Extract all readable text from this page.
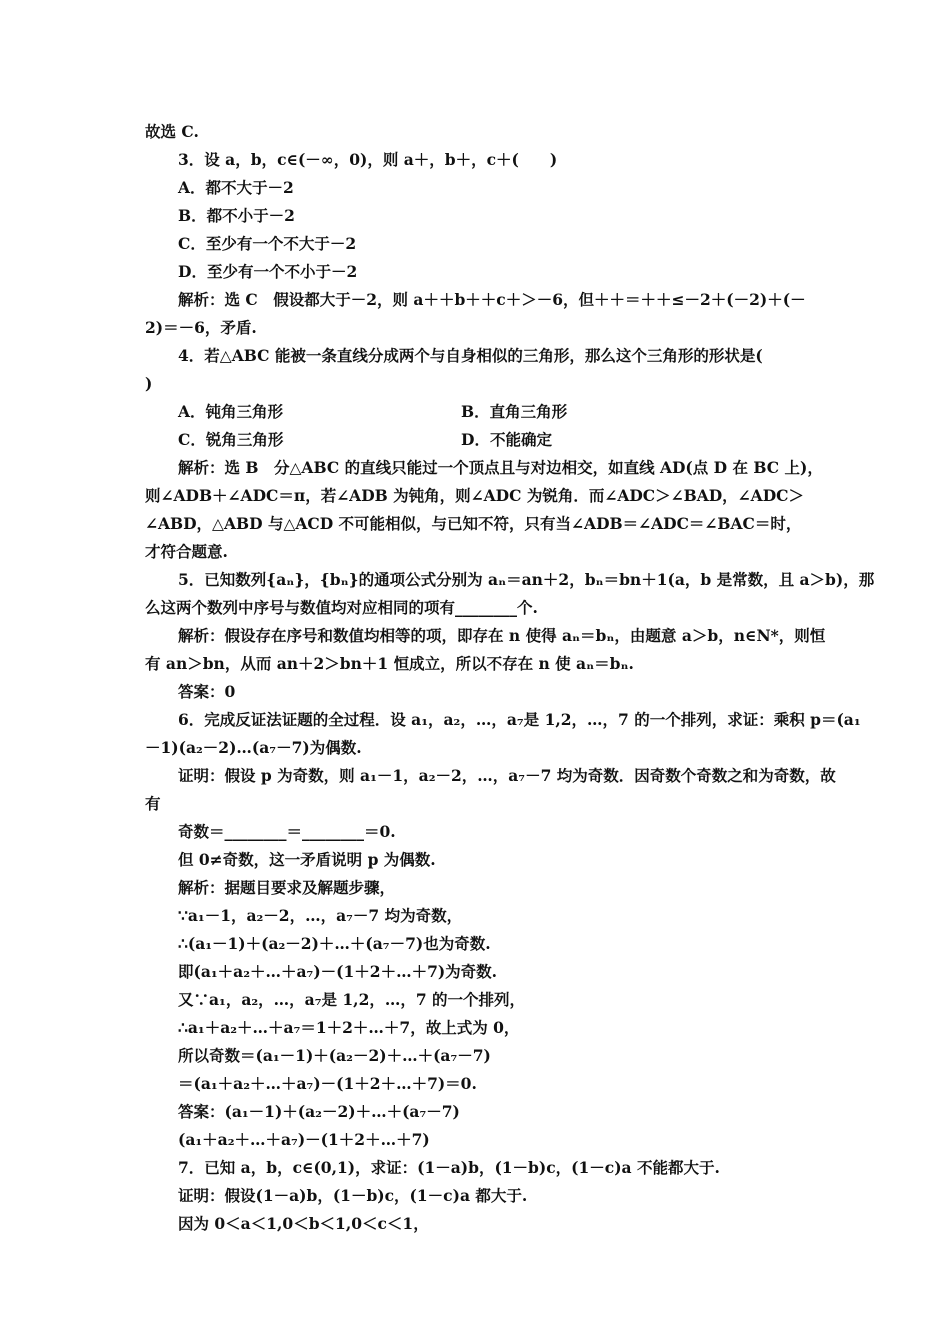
故选 C.
3．设 a，b，c∈(－∞，0)，则 a＋，b＋，c＋(　　)
A．都不大于－2
B．都不小于－2
C．至少有一个不大于－2
D．至少有一个不小于－2
解析：选 C　假设都大于－2，则 a＋＋b＋＋c＋＞－6，但＋＋＝＋＋≤－2＋(－2)＋(－
2)＝－6，矛盾.
4．若△ABC 能被一条直线分成两个与自身相似的三角形，那么这个三角形的形状是(
)
A．钝角三角形	B．直角三角形
C．锐角三角形	D．不能确定
解析：选 B　分△ABC 的直线只能过一个顶点且与对边相交，如直线 AD(点 D 在 BC 上)，
则∠ADB＋∠ADC＝π，若∠ADB 为钝角，则∠ADC 为锐角．而∠ADC＞∠BAD，∠ADC＞
∠ABD，△ABD 与△ACD 不可能相似，与已知不符，只有当∠ADB＝∠ADC＝∠BAC＝时，
才符合题意.
5．已知数列{aₙ}，{bₙ}的通项公式分别为 aₙ＝an＋2，bₙ＝bn＋1(a，b 是常数，且 a＞b)，那
么这两个数列中序号与数值均对应相同的项有________个.
解析：假设存在序号和数值均相等的项，即存在 n 使得 aₙ＝bₙ，由题意 a＞b，n∈N*，则恒
有 an＞bn，从而 an＋2＞bn＋1 恒成立，所以不存在 n 使 aₙ＝bₙ.
答案：0
6．完成反证法证题的全过程．设 a₁，a₂，…，a₇是 1,2，…，7 的一个排列，求证：乘积 p＝(a₁
－1)(a₂－2)…(a₇－7)为偶数.
证明：假设 p 为奇数，则 a₁－1，a₂－2，…，a₇－7 均为奇数．因奇数个奇数之和为奇数，故
有
奇数＝________＝________＝0.
但 0≠奇数，这一矛盾说明 p 为偶数.
解析：据题目要求及解题步骤，
∵a₁－1，a₂－2，…，a₇－7 均为奇数，
∴(a₁－1)＋(a₂－2)＋…＋(a₇－7)也为奇数.
即(a₁＋a₂＋…＋a₇)－(1＋2＋…＋7)为奇数.
又∵a₁，a₂，…，a₇是 1,2，…，7 的一个排列，
∴a₁＋a₂＋…＋a₇＝1＋2＋…＋7，故上式为 0，
所以奇数＝(a₁－1)＋(a₂－2)＋…＋(a₇－7)
＝(a₁＋a₂＋…＋a₇)－(1＋2＋…＋7)＝0.
答案：(a₁－1)＋(a₂－2)＋…＋(a₇－7)
(a₁＋a₂＋…＋a₇)－(1＋2＋…＋7)
7．已知 a，b，c∈(0,1)，求证：(1－a)b，(1－b)c，(1－c)a 不能都大于.
证明：假设(1－a)b，(1－b)c，(1－c)a 都大于.
因为 0＜a＜1,0＜b＜1,0＜c＜1，
